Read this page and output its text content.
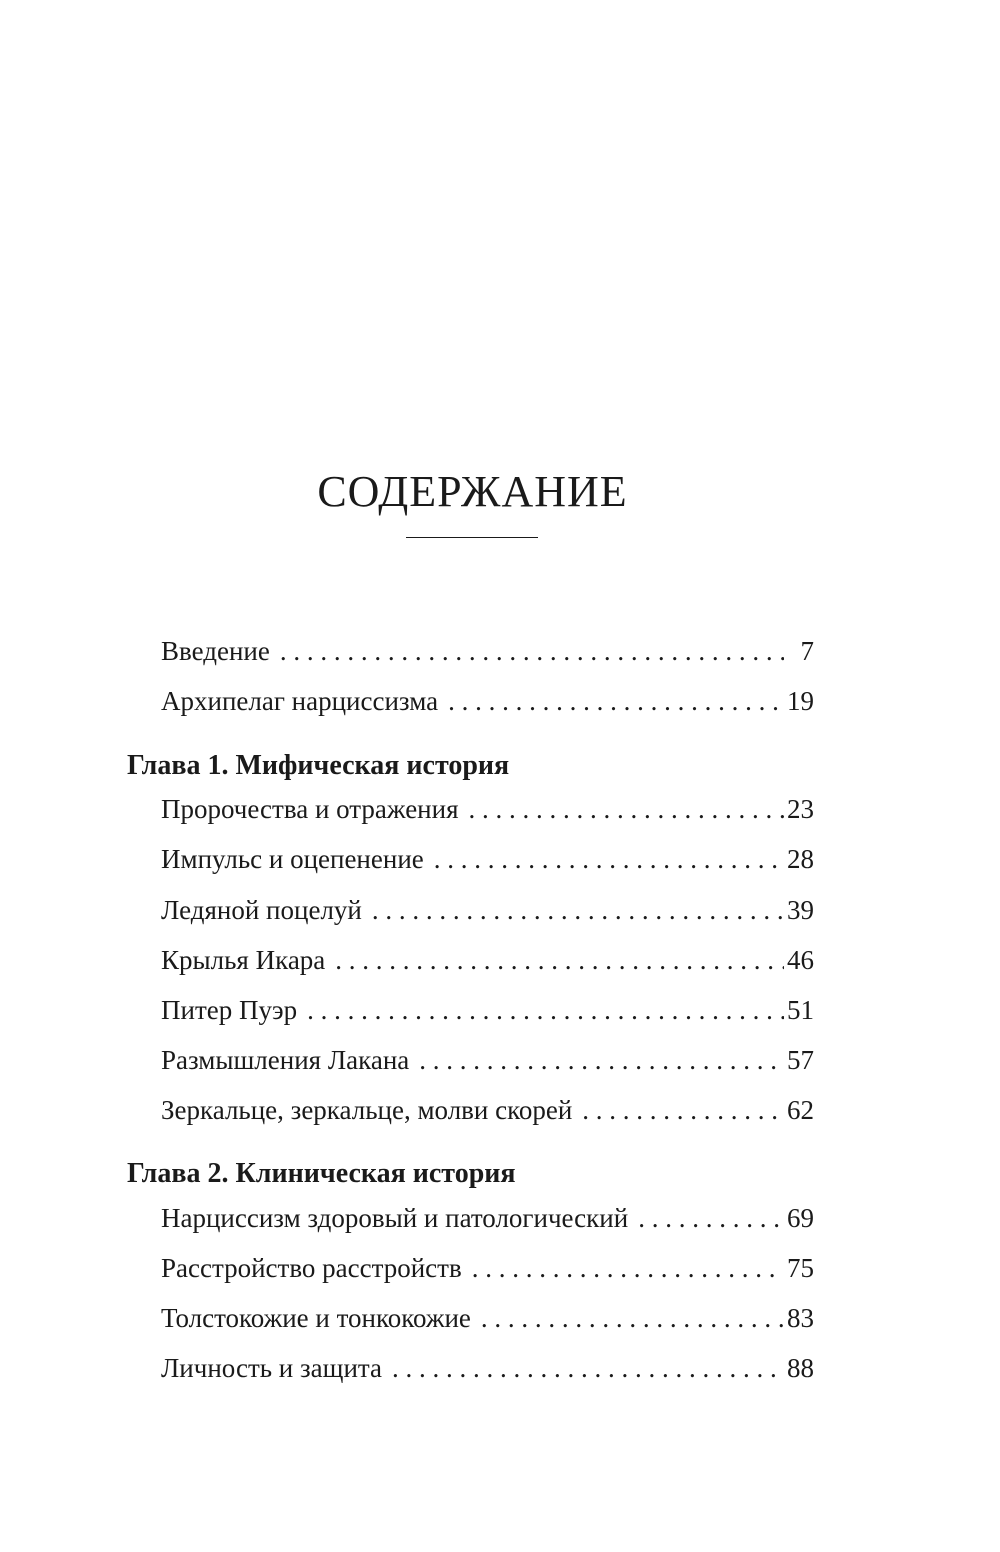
СОДЕРЖАНИЕ
Введение . . .	7
Архипелаг нарциссизма . . .	19
Глава 1. Мифическая история
Пророчества и отражения . . .	23
Импульс и оцепенение . . .	28
Ледяной поцелуй . . .	39
Крылья Икара . . .	46
Питер Пуэр . . .	51
Размышления Лакана . . .	57
Зеркальце, зеркальце, молви скорей . . .	62
Глава 2. Клиническая история
Нарциссизм здоровый и патологический . . .	69
Расстройство расстройств . . .	75
Толстокожие и тонкокожие . . .	83
Личность и защита . . .	88
